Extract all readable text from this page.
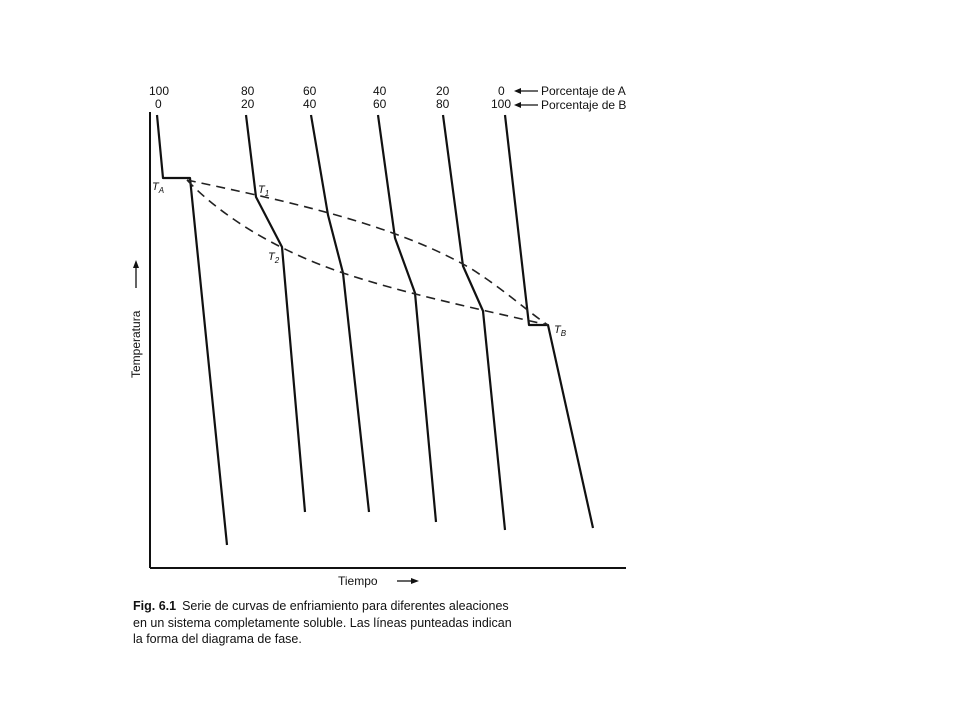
100	80	60	40	20	0
0	20	40	60	80	100
Porcentaje de A
Porcentaje de B
$T_A$	$T_1$
$T_2$
$T_B$
Temperatura
Tiempo
Fig. 6.1 Serie de curvas de enfriamiento para diferentes aleaciones en un sistema completamente soluble. Las líneas punteadas indican la forma del diagrama de fase.
